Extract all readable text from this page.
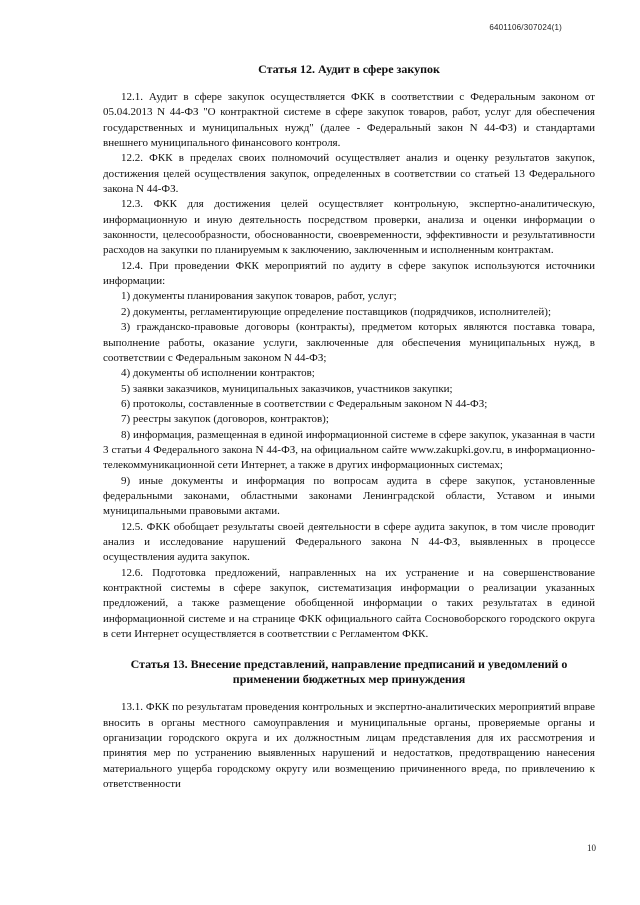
6401106/307024(1)
Статья 12. Аудит в сфере закупок

12.1. Аудит в сфере закупок осуществляется ФКК в соответствии с Федеральным законом от 05.04.2013 N 44-ФЗ "О контрактной системе в сфере закупок товаров, работ, услуг для обеспечения государственных и муниципальных нужд" (далее - Федеральный закон N 44-ФЗ) и стандартами внешнего муниципального финансового контроля.

12.2. ФКК в пределах своих полномочий осуществляет анализ и оценку результатов закупок, достижения целей осуществления закупок, определенных в соответствии со статьей 13 Федерального закона N 44-ФЗ.

12.3. ФКК для достижения целей осуществляет контрольную, экспертно-аналитическую, информационную и иную деятельность посредством проверки, анализа и оценки информации о законности, целесообразности, обоснованности, своевременности, эффективности и результативности расходов на закупки по планируемым к заключению, заключенным и исполненным контрактам.

12.4. При проведении ФКК мероприятий по аудиту в сфере закупок используются источники информации:

1) документы планирования закупок товаров, работ, услуг;

2) документы, регламентирующие определение поставщиков (подрядчиков, исполнителей);

3) гражданско-правовые договоры (контракты), предметом которых являются поставка товара, выполнение работы, оказание услуги, заключенные для обеспечения муниципальных нужд, в соответствии с Федеральным законом N 44-ФЗ;

4) документы об исполнении контрактов;

5) заявки заказчиков, муниципальных заказчиков, участников закупки;

6) протоколы, составленные в соответствии с Федеральным законом N 44-ФЗ;

7) реестры закупок (договоров, контрактов);

8) информация, размещенная в единой информационной системе в сфере закупок, указанная в части 3 статьи 4 Федерального закона N 44-ФЗ, на официальном сайте www.zakupki.gov.ru, в информационно-телекоммуникационной сети Интернет, а также в других информационных системах;

9) иные документы и информация по вопросам аудита в сфере закупок, установленные федеральными законами, областными законами Ленинградской области, Уставом и иными муниципальными правовыми актами.

12.5. ФКК обобщает результаты своей деятельности в сфере аудита закупок, в том числе проводит анализ и исследование нарушений Федерального закона N 44-ФЗ, выявленных в процессе осуществления аудита закупок.

12.6. Подготовка предложений, направленных на их устранение и на совершенствование контрактной системы в сфере закупок, систематизация информации о реализации указанных предложений, а также размещение обобщенной информации о таких результатах в единой информационной системе и на странице ФКК официального сайта Сосновоборского городского округа в сети Интернет осуществляется в соответствии с Регламентом ФКК.

Статья 13. Внесение представлений, направление предписаний и уведомлений о применении бюджетных мер принуждения

13.1. ФКК по результатам проведения контрольных и экспертно-аналитических мероприятий вправе вносить в органы местного самоуправления и муниципальные органы, проверяемые органы и организации городского округа и их должностным лицам представления для их рассмотрения и принятия мер по устранению выявленных нарушений и недостатков, предотвращению нанесения материального ущерба городскому округу или возмещению причиненного вреда, по привлечению к ответственности

10
